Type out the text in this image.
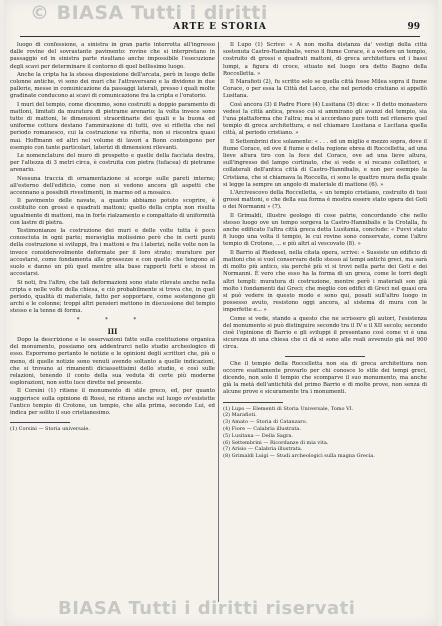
© BIASA Tutti i diritti
ARTE E STORIA	99

luogo di confessione, a sinistra in gran parte interrotta all'ingresso dalle rovine del sovrastante pavimento: rovine che si interpretano in passaggio ed in sinistra parte risultano anche impossibile l'esecuzione degli scavi per determinare il contorno di quel bellissimo luogo.

Anche la cripta ha la stessa disposizione dell'arcata, però in luogo delle colonne antiche, vi sono dei muri che l'attraversano e la dividono in due pallerie, messe in comunicazione da passaggi laterali, presso i quali molte gradinate conducono ai scavi di comunicazione fra la cripta e l'oratorio.

I muri del tempio, come dicemmo, sono costruiti a doppio paramento di mattoni, limitati da muratura di pietrame arenario; la volta invece sono tutte di mattoni, le dimensioni straordinarie dei quali e la buona ed uniforme cottura destano l'ammirazione di tutti, ove si rifletta che nel periodo romanesco, cui la costruzione va riferita, non si riscontra quasi mai. Hoffmann ed altri nel volume di lavori a Bonn contengono per esempio con tante particolari, laterizi di dimensioni rilevanti.

Le nomenclature del muro di prospetto e quelle della facciata destra, per l'altezza di 3 metri circa, è costruita con pietra (tufacea) di pietrame arenario.

Nessuna traccia di ornamentazione si scorge sulle pareti interne; all'esterno dell'edificio, come non si vedono ancora gli aspetti che accennano a possibili rivestimenti, in marmo od a mosaico.

Il pavimento delle navate, a quanto abbiamo potuto scoprire, è costituito con grossi e quadrati mattoni; quello della cripta non risulta ugualmente di mattoni, ma in forte rialzamento e compattato di uniformità con lastre di pietra.

Testimonianze la costruzione dei muri e delle volte tutta è poco conosciuta in ogni parte; meraviglia molissimo però che in certi punti della costruzione si sviluppi, fra i mattoni e fra i laterizi, nelle volte non la invece considerevolmente deformate per il loro strato; murature per accostarsi, come fondamenta alle grossezze e con quelle che tengono al suolo e danno un più quel mentre alla base rapporti forti e stessi in accostarsi.

Si noti, fra l'altro, che tali deformazioni sono state rilevate anche nella cripta e nelle volte della chiesa, e ciò probabilmente si trova che, in quel periodo, qualità di materiale, fatto per sopportare, come sostengono gli archi e le colonne; troppi altri pensieri mettono in discussione del tempio stesso e la tenne di forma.

* * *

III

Dopo la descrizione e le osservazioni fatte sulla costituzione organica del monumento, possiamo ora addentrarci nello studio archeologico di esso. Esporremo pertanto le notizie e le opinioni degli scrittori che, più o meno, di quelle notizie sono venuti avendo soltanto a quelle indicazioni, che si trovano ai rimanenti diciassettisimi dello studio, e così sulle relazioni, tenendo il conto della sua veduta di certe più moderne esplorazioni, non sotto luce dirette nel presente.

Il Corsini (1) ritiene il monumento di stile greco, ed, per quanto suggerisce sulla opinione di Rossi, ne ritiene anche sul luogo ov'esistette l'antico tempio di Crotone, un tempio, che alla prima, secondo Lui, ed indica per solito il suo cristianesimo.

(1) Corsini — Storia universale.

Il Lupo (1) Scrive: « A non molta distanza da' vestigi della città sostenuta Castro-Hannibalis, verso il fiume Corace, è a vedere un tempio, costruito di grossi e quadrati mattoni, di greca architettura ed i bassi lumpi, a figura di croce, situato nel luogo ora detto Bagno della Roccelletta. »

Il Marafioti (2), fu scritto solo se quella città fosse Milea sopra il fiume Corace, o per essa la Città del Lacco, che nel periodo cristiano si appellò Lusitana.

Così ancora (3) il Padre Fiore (4) Lusitana (5) dice: « Il detto monastero vedesi la città antica, presso cui si ammirano gli avanzi del tempio, sia l'una piattaforma che l'altra; ma si accordano pure tutti nel ritenere quel tempio di greca architettura, e nel chiamare Lusitana e Lucitana quella città, al periodo cristiano. »

Il Settembrini dice solamente: « . . . ed un miglio e mezzo sopra, dove il fiume Corace, ed ove il fiume e della regione ebrea di Roccelletta, ad una lieve altura tiro con la foce del Corace, ove ad una lieve altura, sull'ingresso del lampo cortinato, che si vede e si recano collettori, e collaterali dell'antica città di Castro-Hannibalis, e non per esempio la Cristiana, che si chiamava la Roccella, ci sono le quattro mura della quale si legge la sempre un angolo di materiale di mattone (6). »

L'Arcivescovo della Roccelletta, « un tempio cristiano, costruito di tuoi grossi mattoni, e che della sua forma è mostra essere stato opera dei Goti o dei Normanni » (7).

Il Grimaldi, illustre geologo di cose patrie, concordando che nello stesso luogo ove un tempo sorgeva la Castro-Hannibalis e la Crotalla, fu anche edificato l'altra città greca detta Lusitania, conclude: « Fuvvi stato fi luogo una volta il tempio, le cui rovine sono conservate, come l'altro tempio di Crotone, ... e più altri al vescovato (8). »

Il Barrio al Riedesel, nella citata opera, scrive: « Sussiste un edificio di mattoni che si vuol conservare dello stesso ai tempi antichi greci, ma sarà di molto più antico, sia perché più vi si trovi nella parte dei Goti e dei Normanni. È vero che esso ha la forma di un greca, come le torri degli altri templi: muratura di costruzione, mentre però i materiali son già molto i fondamenti dai Greci; che meglio con edifici di Greci nel quasi ora si può vedere in questo modo e sono qui, posati sull'altro luogo in possesso avuto, resistono oggi ancora, al sistema di mura con le imperfette e... »

Come si vede, stando a questo che ne scrissero gli autori, l'esistenza del monumento si può distinguire secondo tra il IV e il XII secolo; secondo cioè l'opinione di Barrio e gli sviluppi il presentano così come vi è una sicurezza di una chiesa che ci dà si sono alle reali avvenuto già nel 900 circa.

Che il tempio della Roccelletta non sia di greca architettura non occorre esattamente provarlo per chi conosce lo stile dei tempi greci, dicendo, non solo il tempio che scomparve il suo monumento, ma anche già la metà dell'antichità del primo Barrio e di molte prove, non senza di alcune prove e sicuramente tra i monumenti.

(1) Lupo — Elementi di Storia Universale, Tomo VI.
(2) Marafioti.
(3) Amato — Storia di Catanzaro.
(4) Fiore — Calabria illustrata.
(5) Lusitana — Della Sagra.
(6) Settembrini — Ricordanze di mia vita.
(7) Arisio — Calabria illustrata.
(8) Grimaldi Luigi — Studi archeologici sulla magna Grecia.
BIASA Tutti i diritti riservati
